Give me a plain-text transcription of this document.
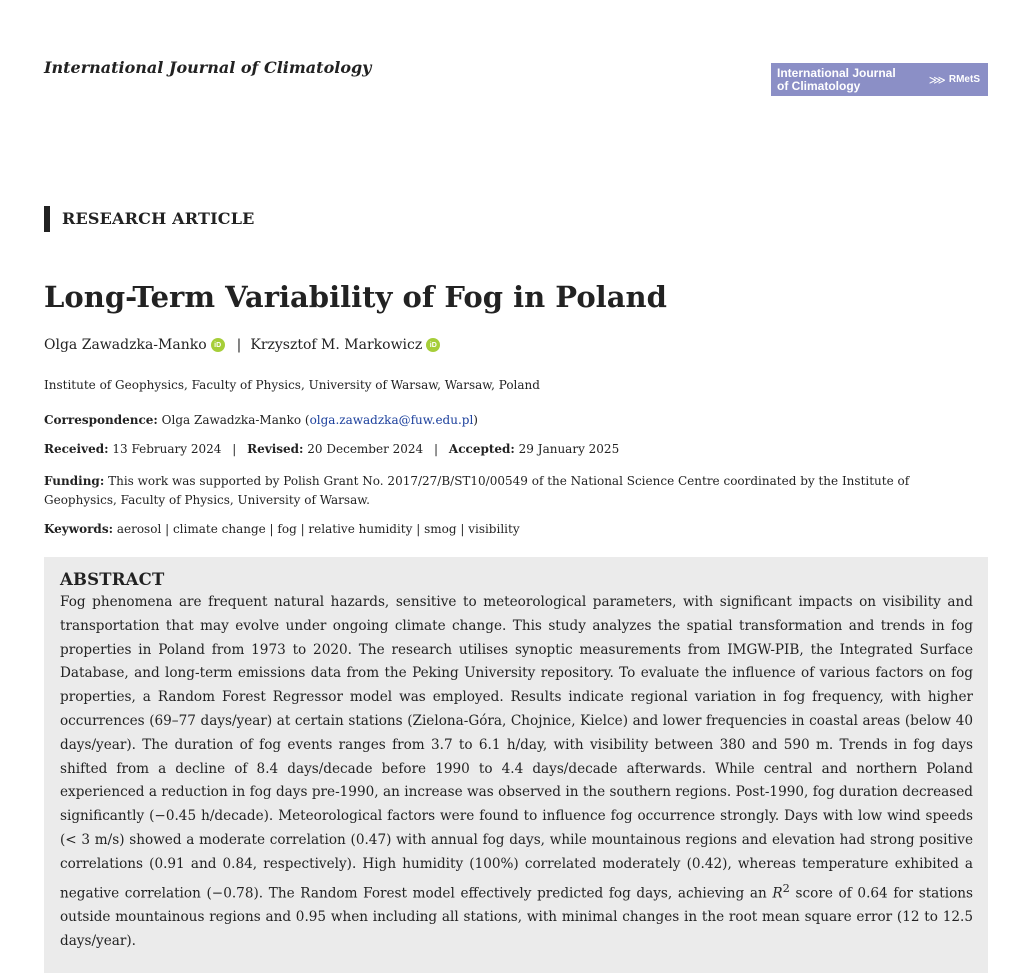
International Journal of Climatology	International Journal
of Climatology	⋙ RMetS
RESEARCH ARTICLE
Long-Term Variability of Fog in Poland
Olga Zawadzka-Manko	iD | Krzysztof M. Markowicz	iD
Institute of Geophysics, Faculty of Physics, University of Warsaw, Warsaw, Poland
Correspondence: Olga Zawadzka-Manko (olga.zawadzka@fuw.edu.pl)
Received: 13 February 2024 | Revised: 20 December 2024 | Accepted: 29 January 2025
Funding: This work was supported by Polish Grant No. 2017/27/B/ST10/00549 of the National Science Centre coordinated by the Institute of Geophysics, Faculty of Physics, University of Warsaw.
Keywords: aerosol | climate change | fog | relative humidity | smog | visibility
ABSTRACT

Fog phenomena are frequent natural hazards, sensitive to meteorological parameters, with significant impacts on visibility and transportation that may evolve under ongoing climate change. This study analyzes the spatial transformation and trends in fog properties in Poland from 1973 to 2020. The research utilises synoptic measurements from IMGW-PIB, the Integrated Surface Database, and long-term emissions data from the Peking University repository. To evaluate the influence of various factors on fog properties, a Random Forest Regressor model was employed. Results indicate regional variation in fog frequency, with higher occurrences (69–77 days/year) at certain stations (Zielona-Góra, Chojnice, Kielce) and lower frequencies in coastal areas (below 40 days/year). The duration of fog events ranges from 3.7 to 6.1 h/day, with visibility between 380 and 590 m. Trends in fog days shifted from a decline of 8.4 days/decade before 1990 to 4.4 days/decade afterwards. While central and northern Poland experienced a reduction in fog days pre-1990, an increase was observed in the southern regions. Post-1990, fog duration decreased significantly (−0.45 h/decade). Meteorological factors were found to influence fog occurrence strongly. Days with low wind speeds (< 3 m/s) showed a moderate correlation (0.47) with annual fog days, while mountainous regions and elevation had strong positive correlations (0.91 and 0.84, respectively). High humidity (100%) correlated moderately (0.42), whereas temperature exhibited a negative correlation (−0.78). The Random Forest model effectively predicted fog days, achieving an $R^2$ score of 0.64 for stations outside mountainous regions and 0.95 when including all stations, with minimal changes in the root mean square error (12 to 12.5 days/year).
